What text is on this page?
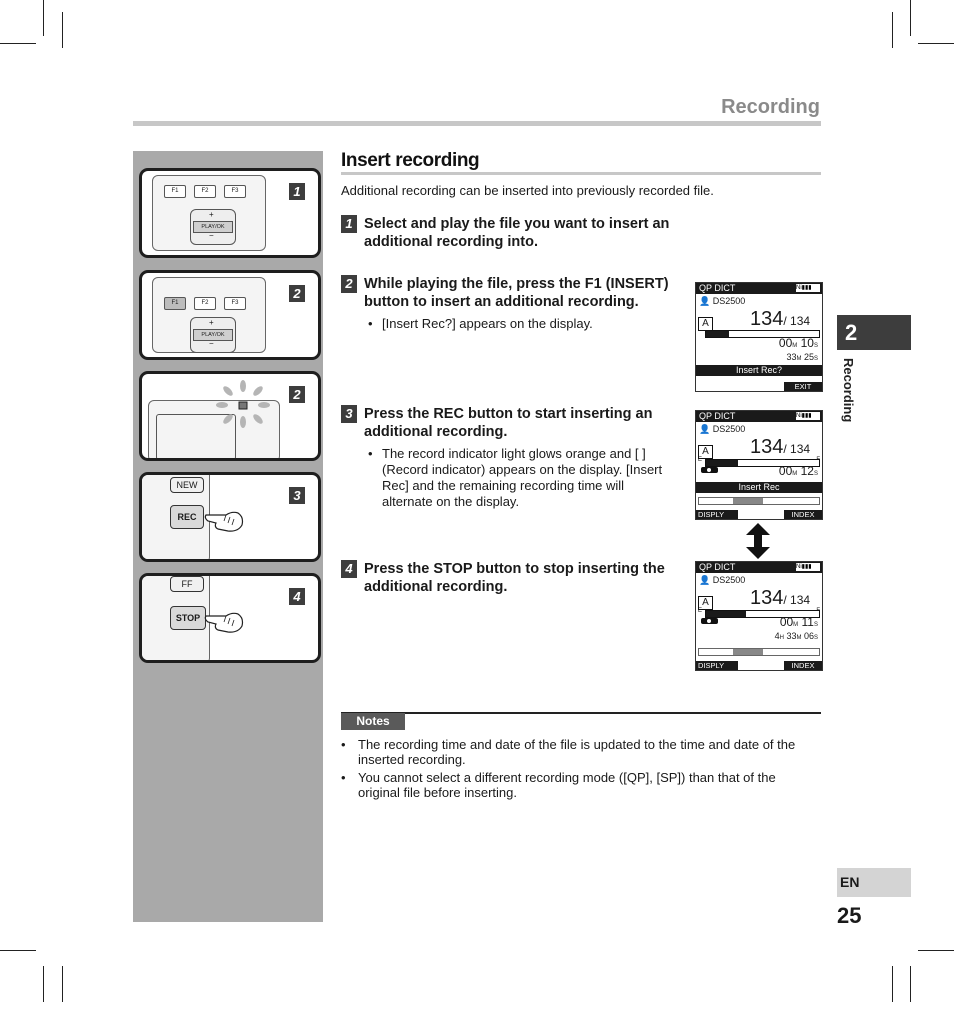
Recording
F1	F2	F3
+
PLAY/OK
−
1
F1	F2	F3
+
PLAY/OK
−
2
2
NEW
REC
3
FF
STOP
4
Insert recording
Additional recording can be inserted into previously recorded file.
1 Select and play the file you want to insert an additional recording into.
2 While playing the file, press the F1 (INSERT) button to insert an additional recording.
• [Insert Rec?] appears on the display.
3 Press the REC button to start inserting an additional recording.
• The record indicator light glows orange and [ ] (Record indicator) appears on the display. [Insert Rec] and the remaining recording time will alternate on the display.
4 Press the STOP button to stop inserting the additional recording.
QP DICT	Ni▮▮▮
👤 DS2500
A 134/ 134
00M 10S
33M 25S
Insert Rec?
EXIT
QP DICT	Ni▮▮▮
👤 DS2500
A 134/ 134
E
00M 12S
Insert Rec
DISPLY	INDEX
QP DICT	Ni▮▮▮
👤 DS2500
A 134/ 134
E
00M 11S
4H 33M 06S
DISPLY	INDEX
Notes
• The recording time and date of the file is updated to the time and date of the inserted recording.
• You cannot select a different recording mode ([QP], [SP]) than that of the original file before inserting.
2
Recording
EN
25
